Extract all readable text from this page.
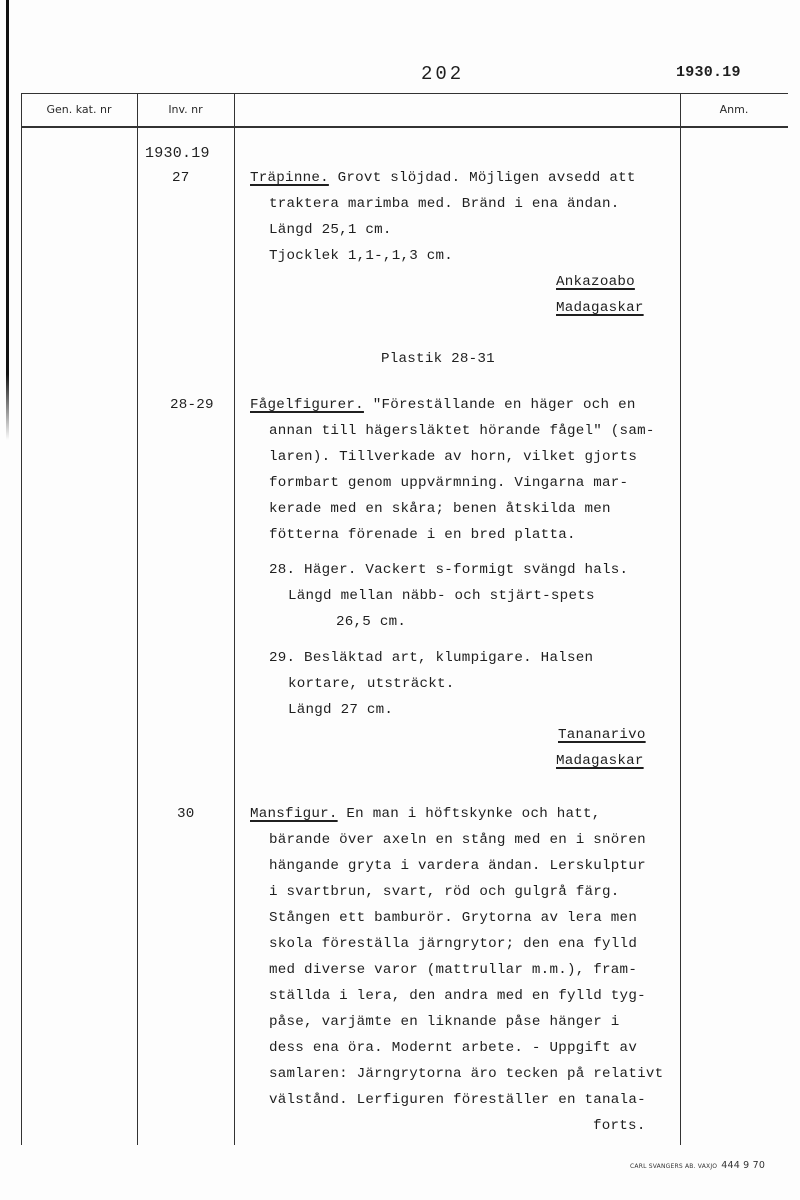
202	1930.19
Gen. kat. nr	Inv. nr	Anm.
1930.19
27	Träpinne. Grovt slöjdad. Möjligen avsedd att
traktera marimba med. Bränd i ena ändan.
Längd 25,1 cm.
Tjocklek 1,1-,1,3 cm.
Ankazoabo
Madagaskar
Plastik 28-31
28-29	Fågelfigurer. "Föreställande en häger och en
annan till hägersläktet hörande fågel" (sam-
laren). Tillverkade av horn, vilket gjorts
formbart genom uppvärmning. Vingarna mar-
kerade med en skåra; benen åtskilda men
fötterna förenade i en bred platta.
28. Häger. Vackert s-formigt svängd hals.
Längd mellan näbb- och stjärt-spets
26,5 cm.
29. Besläktad art, klumpigare. Halsen
kortare, utsträckt.
Längd 27 cm.
Tananarivo
Madagaskar
30	Mansfigur. En man i höftskynke och hatt,
bärande över axeln en stång med en i snören
hängande gryta i vardera ändan. Lerskulptur
i svartbrun, svart, röd och gulgrå färg.
Stången ett bamburör. Grytorna av lera men
skola föreställa järngrytor; den ena fylld
med diverse varor (mattrullar m.m.), fram-
ställda i lera, den andra med en fylld tyg-
påse, varjämte en liknande påse hänger i
dess ena öra. Modernt arbete. - Uppgift av
samlaren: Järngrytorna äro tecken på relativt
välstånd. Lerfiguren föreställer en tanala-
forts.
CARL SVANGERS AB. VAXJO 444 9 70
